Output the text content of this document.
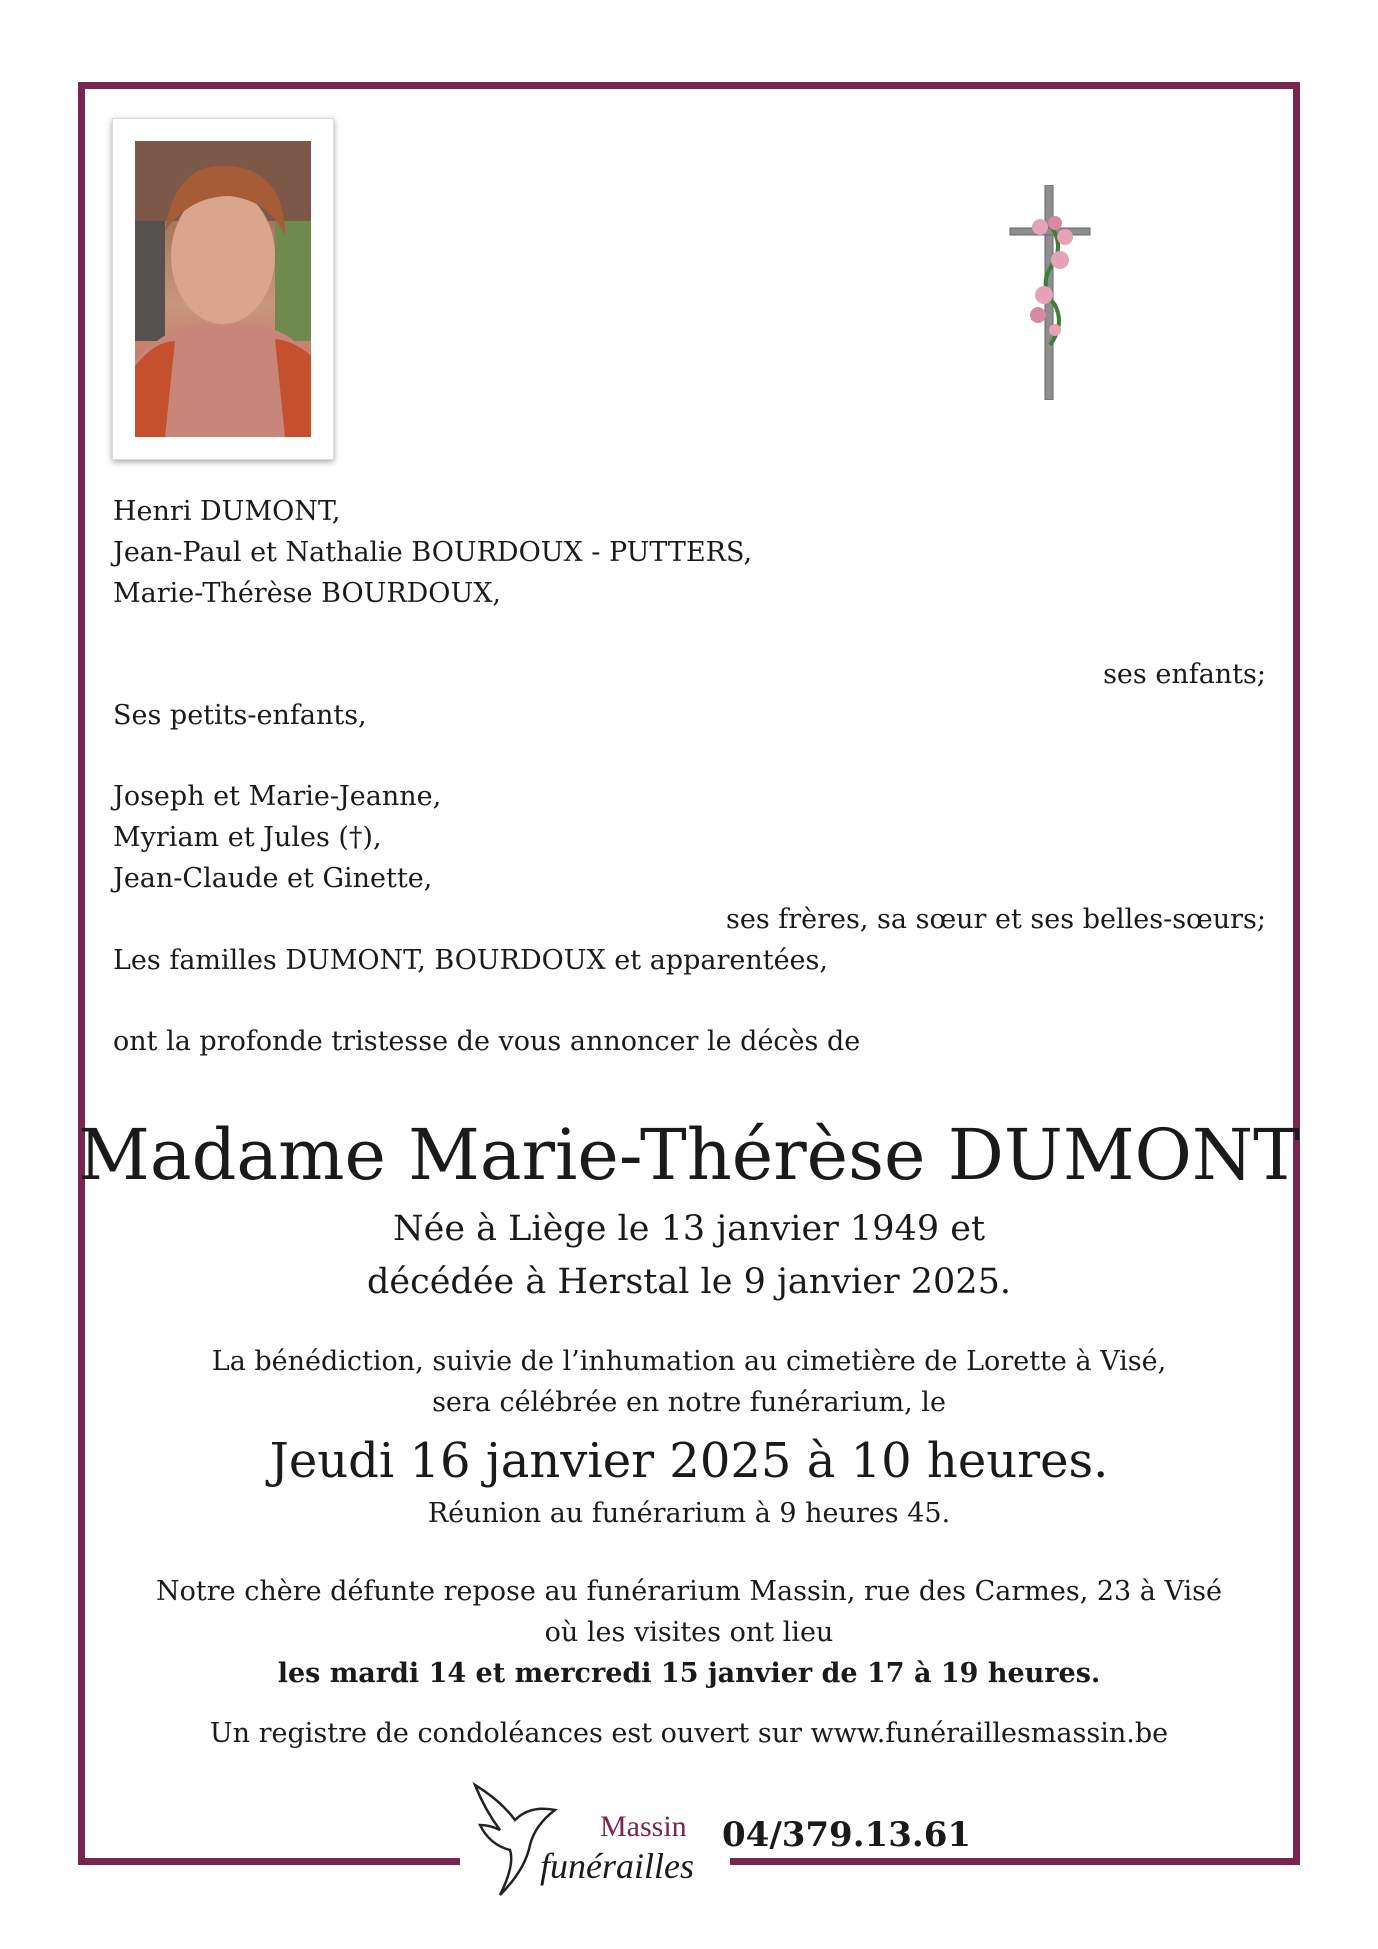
Henri DUMONT,
Jean-Paul et Nathalie BOURDOUX - PUTTERS,
Marie-Thérèse BOURDOUX,
ses enfants;
Ses petits-enfants,
Joseph et Marie-Jeanne,
Myriam et Jules (†),
Jean-Claude et Ginette,
ses frères, sa sœur et ses belles-sœurs;
Les familles DUMONT, BOURDOUX et apparentées,
ont la profonde tristesse de vous annoncer le décès de
Madame Marie-Thérèse DUMONT
Née à Liège le 13 janvier 1949 et
décédée à Herstal le 9 janvier 2025.
La bénédiction, suivie de l’inhumation au cimetière de Lorette à Visé,
sera célébrée en notre funérarium, le
Jeudi 16 janvier 2025 à 10 heures.
Réunion au funérarium à 9 heures 45.
Notre chère défunte repose au funérarium Massin, rue des Carmes, 23 à Visé
où les visites ont lieu
les mardi 14 et mercredi 15 janvier de 17 à 19 heures.
Un registre de condoléances est ouvert sur www.funéraillesmassin.be
Massin
funérailles
04/379.13.61
